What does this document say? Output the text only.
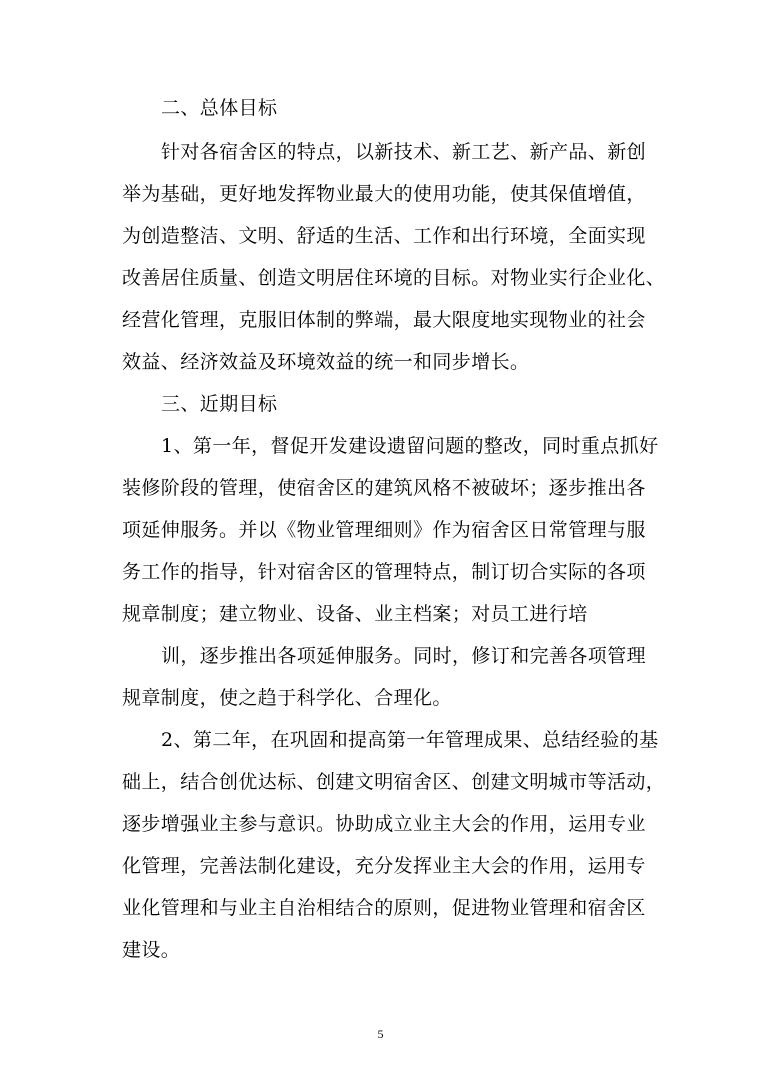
二、总体目标
针对各宿舍区的特点，以新技术、新工艺、新产品、新创
举为基础，更好地发挥物业最大的使用功能，使其保值增值，
为创造整洁、文明、舒适的生活、工作和出行环境，全面实现
改善居住质量、创造文明居住环境的目标。对物业实行企业化、
经营化管理，克服旧体制的弊端，最大限度地实现物业的社会
效益、经济效益及环境效益的统一和同步增长。
三、近期目标
1、第一年，督促开发建设遗留问题的整改，同时重点抓好
装修阶段的管理，使宿舍区的建筑风格不被破坏；逐步推出各
项延伸服务。并以《物业管理细则》作为宿舍区日常管理与服
务工作的指导，针对宿舍区的管理特点，制订切合实际的各项
规章制度；建立物业、设备、业主档案；对员工进行培
训，逐步推出各项延伸服务。同时，修订和完善各项管理
规章制度，使之趋于科学化、合理化。
2、第二年，在巩固和提高第一年管理成果、总结经验的基
础上，结合创优达标、创建文明宿舍区、创建文明城市等活动，
逐步增强业主参与意识。协助成立业主大会的作用，运用专业
化管理，完善法制化建设，充分发挥业主大会的作用，运用专
业化管理和与业主自治相结合的原则，促进物业管理和宿舍区
建设。
5
